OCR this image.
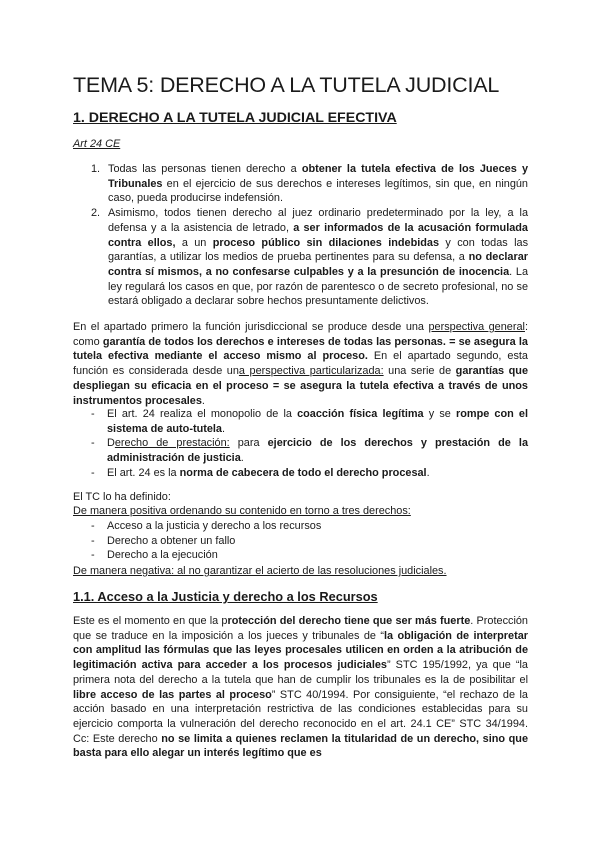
TEMA 5: DERECHO A LA TUTELA JUDICIAL
1. DERECHO A LA TUTELA JUDICIAL EFECTIVA
Art 24 CE
1. Todas las personas tienen derecho a obtener la tutela efectiva de los Jueces y Tribunales en el ejercicio de sus derechos e intereses legítimos, sin que, en ningún caso, pueda producirse indefensión.
2. Asimismo, todos tienen derecho al juez ordinario predeterminado por la ley, a la defensa y a la asistencia de letrado, a ser informados de la acusación formulada contra ellos, a un proceso público sin dilaciones indebidas y con todas las garantías, a utilizar los medios de prueba pertinentes para su defensa, a no declarar contra sí mismos, a no confesarse culpables y a la presunción de inocencia. La ley regulará los casos en que, por razón de parentesco o de secreto profesional, no se estará obligado a declarar sobre hechos presuntamente delictivos.
En el apartado primero la función jurisdiccional se produce desde una perspectiva general: como garantía de todos los derechos e intereses de todas las personas. = se asegura la tutela efectiva mediante el acceso mismo al proceso. En el apartado segundo, esta función es considerada desde una perspectiva particularizada: una serie de garantías que despliegan su eficacia en el proceso = se asegura la tutela efectiva a través de unos instrumentos procesales.
- El art. 24 realiza el monopolio de la coacción física legítima y se rompe con el sistema de auto-tutela.
- Derecho de prestación: para ejercicio de los derechos y prestación de la administración de justicia.
- El art. 24 es la norma de cabecera de todo el derecho procesal.
El TC lo ha definido:
De manera positiva ordenando su contenido en torno a tres derechos:
- Acceso a la justicia y derecho a los recursos
- Derecho a obtener un fallo
- Derecho a la ejecución
De manera negativa: al no garantizar el acierto de las resoluciones judiciales.
1.1. Acceso a la Justicia y derecho a los Recursos
Este es el momento en que la protección del derecho tiene que ser más fuerte. Protección que se traduce en la imposición a los jueces y tribunales de “la obligación de interpretar con amplitud las fórmulas que las leyes procesales utilicen en orden a la atribución de legitimación activa para acceder a los procesos judiciales” STC 195/1992, ya que “la primera nota del derecho a la tutela que han de cumplir los tribunales es la de posibilitar el libre acceso de las partes al proceso” STC 40/1994. Por consiguiente, “el rechazo de la acción basado en una interpretación restrictiva de las condiciones establecidas para su ejercicio comporta la vulneración del derecho reconocido en el art. 24.1 CE” STC 34/1994. Cc: Este derecho no se limita a quienes reclamen la titularidad de un derecho, sino que basta para ello alegar un interés legítimo que es
